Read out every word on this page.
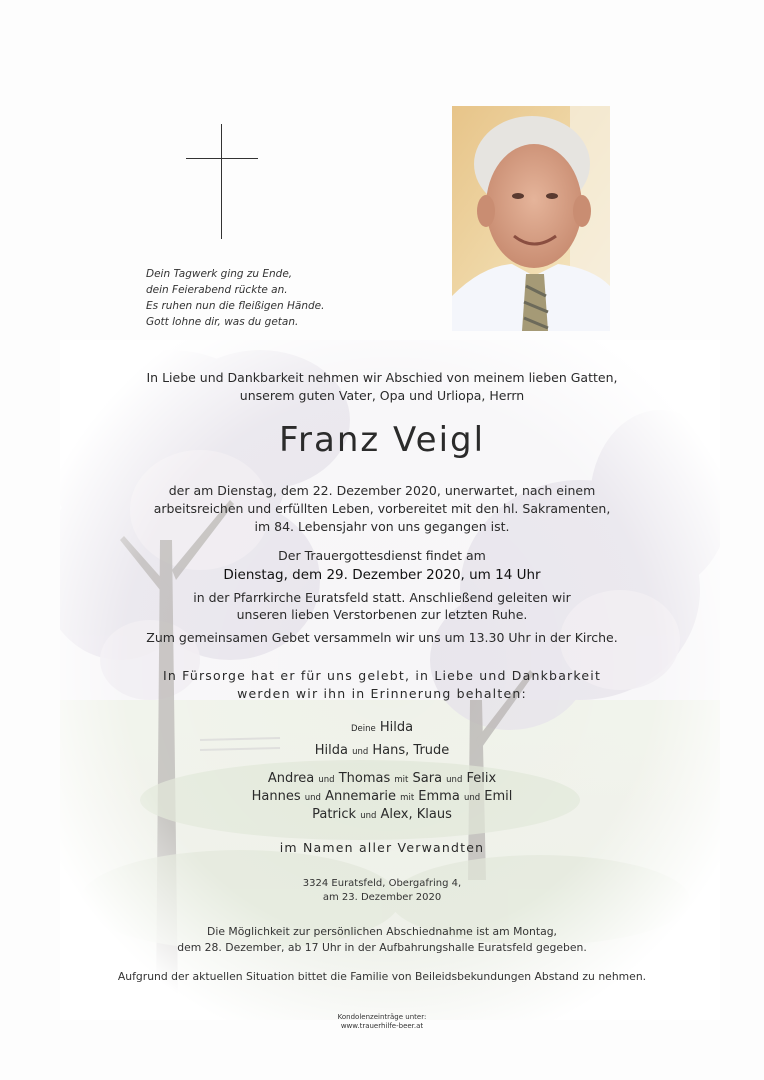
Dein Tagwerk ging zu Ende,
dein Feierabend rückte an.
Es ruhen nun die fleißigen Hände.
Gott lohne dir, was du getan.
In Liebe und Dankbarkeit nehmen wir Abschied von meinem lieben Gatten,
unserem guten Vater, Opa und Urliopa, Herrn
Franz Veigl
der am Dienstag, dem 22. Dezember 2020, unerwartet, nach einem
arbeitsreichen und erfüllten Leben, vorbereitet mit den hl. Sakramenten,
im 84. Lebensjahr von uns gegangen ist.
Der Trauergottesdienst findet am
Dienstag, dem 29. Dezember 2020, um 14 Uhr
in der Pfarrkirche Euratsfeld statt. Anschließend geleiten wir
unseren lieben Verstorbenen zur letzten Ruhe.
Zum gemeinsamen Gebet versammeln wir uns um 13.30 Uhr in der Kirche.
In Fürsorge hat er für uns gelebt, in Liebe und Dankbarkeit
werden wir ihn in Erinnerung behalten:
Deine Hilda
Hilda und Hans, Trude
Andrea und Thomas mit Sara und Felix
Hannes und Annemarie mit Emma und Emil
Patrick und Alex, Klaus
im Namen aller Verwandten
3324 Euratsfeld, Obergafring 4,
am 23. Dezember 2020
Die Möglichkeit zur persönlichen Abschiednahme ist am Montag,
dem 28. Dezember, ab 17 Uhr in der Aufbahrungshalle Euratsfeld gegeben.
Aufgrund der aktuellen Situation bittet die Familie von Beileidsbekundungen Abstand zu nehmen.
Kondolenzeinträge unter:
www.trauerhilfe-beer.at
